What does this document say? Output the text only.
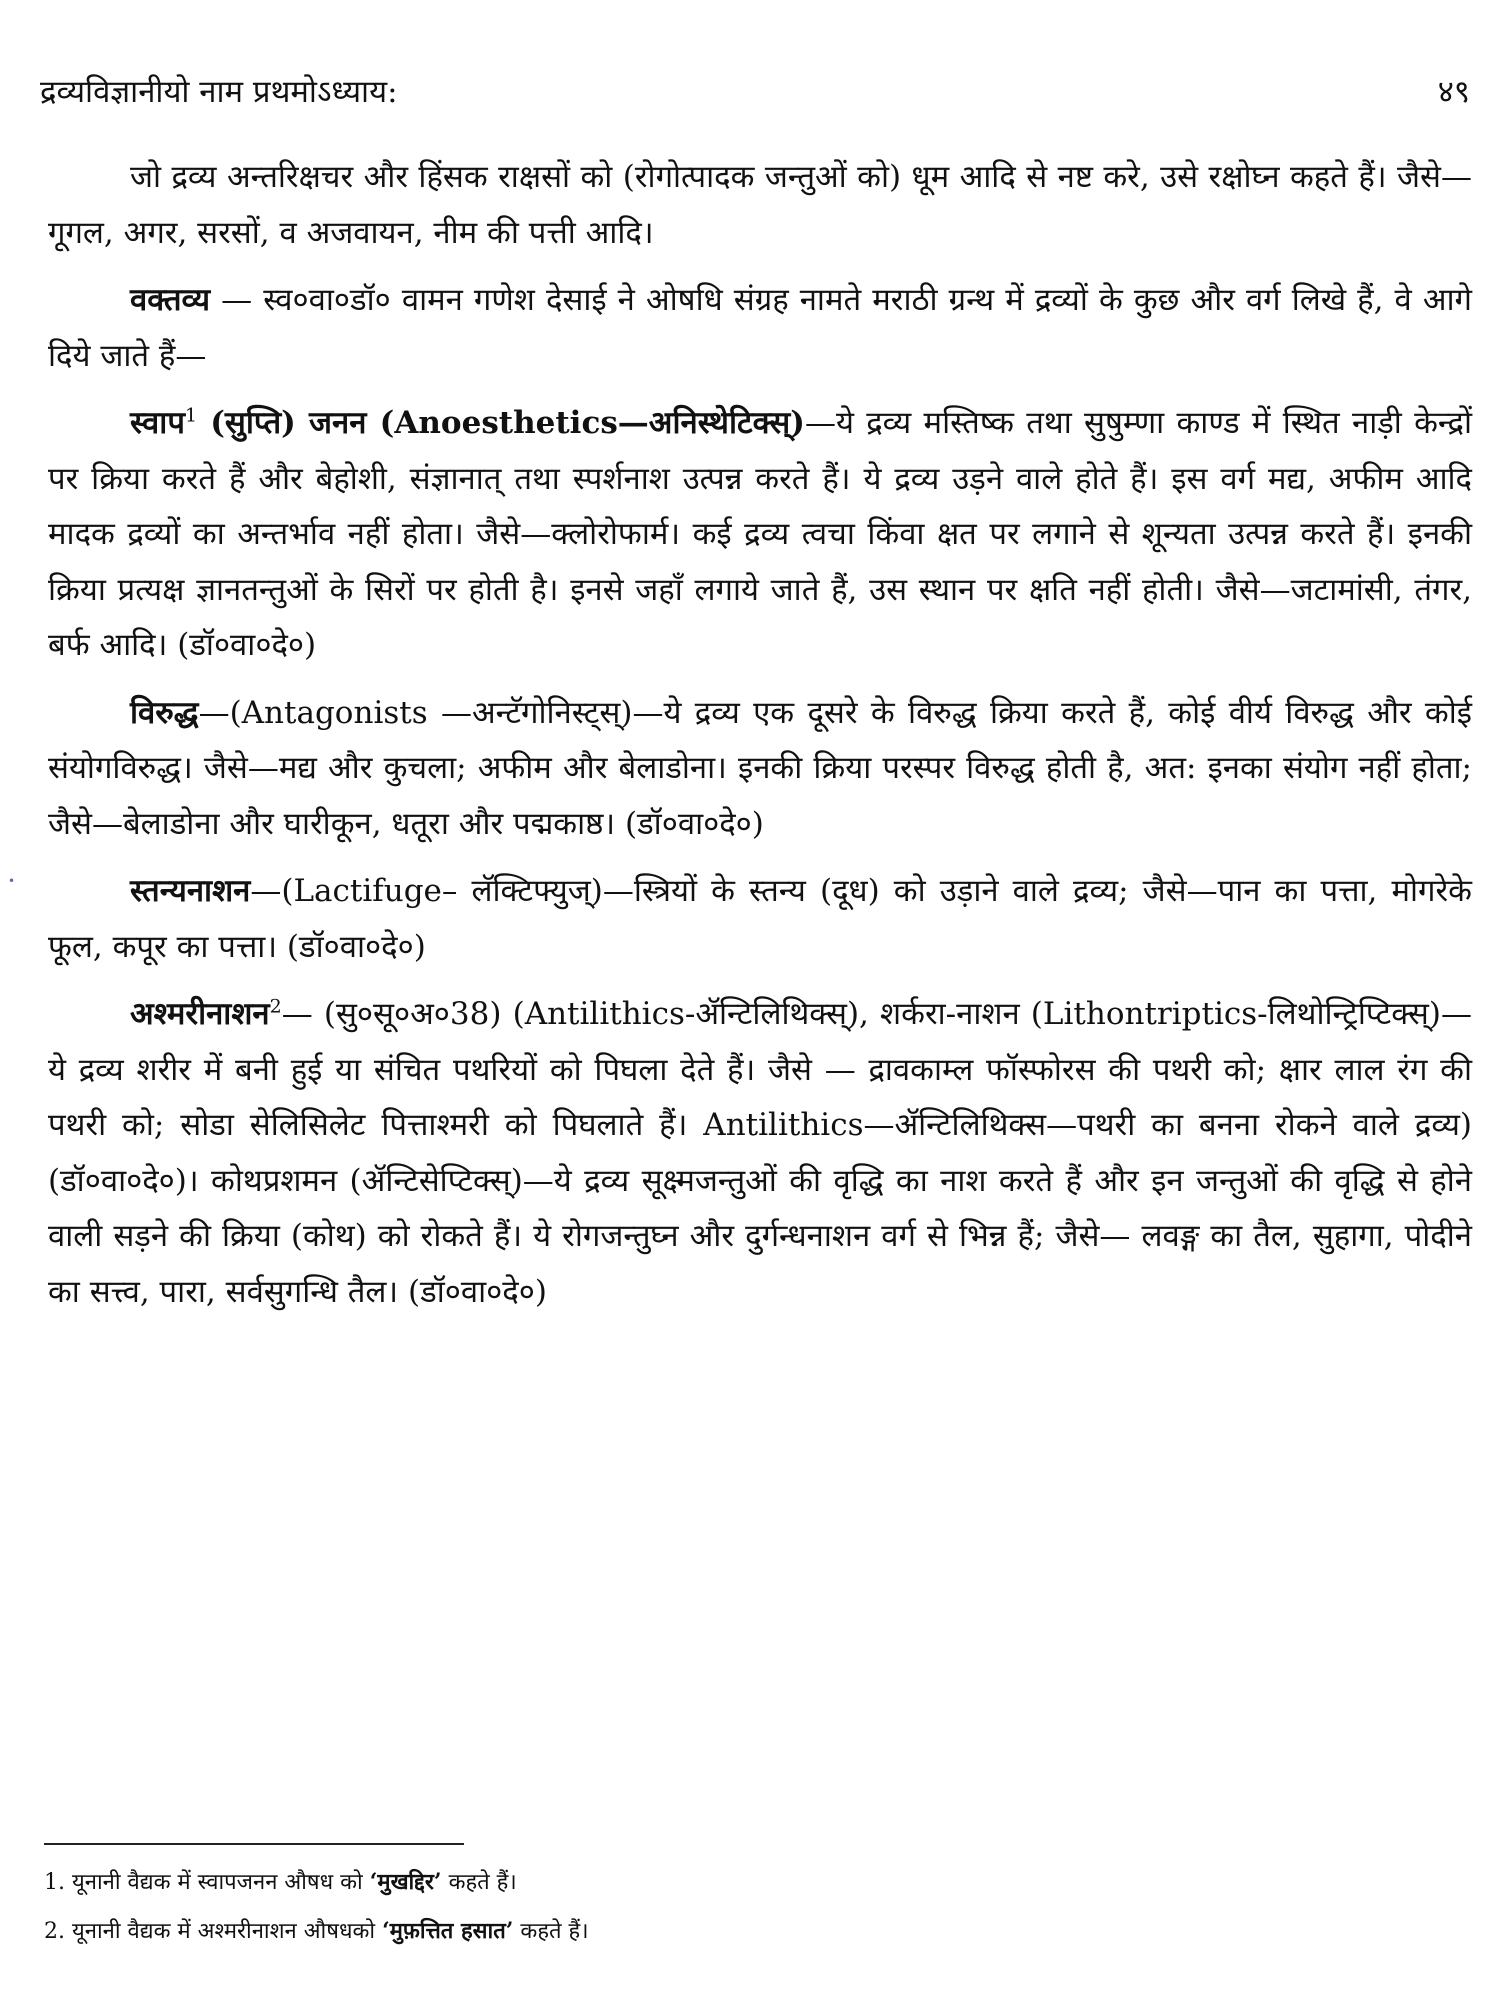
द्रव्यविज्ञानीयो नाम प्रथमोऽध्याय:	४९

जो द्रव्य अन्तरिक्षचर और हिंसक राक्षसों को (रोगोत्पादक जन्तुओं को) धूम आदि से नष्ट करे, उसे रक्षोघ्न कहते हैं। जैसे—गूगल, अगर, सरसों, व अजवायन, नीम की पत्ती आदि।

वक्तव्य — स्व०वा०डॉ० वामन गणेश देसाई ने ओषधि संग्रह नामते मराठी ग्रन्थ में द्रव्यों के कुछ और वर्ग लिखे हैं, वे आगे दिये जाते हैं—

स्वाप$^1$ (सुप्ति) जनन (Anoesthetics—अनिस्थेटिक्स्)—ये द्रव्य मस्तिष्क तथा सुषुम्णा काण्ड में स्थित नाड़ी केन्द्रों पर क्रिया करते हैं और बेहोशी, संज्ञानात् तथा स्पर्शनाश उत्पन्न करते हैं। ये द्रव्य उड़ने वाले होते हैं। इस वर्ग मद्य, अफीम आदि मादक द्रव्यों का अन्तर्भाव नहीं होता। जैसे—क्लोरोफार्म। कई द्रव्य त्वचा किंवा क्षत पर लगाने से शून्यता उत्पन्न करते हैं। इनकी क्रिया प्रत्यक्ष ज्ञानतन्तुओं के सिरों पर होती है। इनसे जहाँ लगाये जाते हैं, उस स्थान पर क्षति नहीं होती। जैसे—जटामांसी, तंगर, बर्फ आदि। (डॉ०वा०दे०)

विरुद्ध—(Antagonists —अन्टॅगोनिस्ट्स्)—ये द्रव्य एक दूसरे के विरुद्ध क्रिया करते हैं, कोई वीर्य विरुद्ध और कोई संयोगविरुद्ध। जैसे—मद्य और कुचला; अफीम और बेलाडोना। इनकी क्रिया परस्पर विरुद्ध होती है, अत: इनका संयोग नहीं होता; जैसे—बेलाडोना और घारीकून, धतूरा और पद्मकाष्ठ। (डॉ०वा०दे०)

स्तन्यनाशन—(Lactifuge– लॅक्टिफ्युज्)—स्त्रियों के स्तन्य (दूध) को उड़ाने वाले द्रव्य; जैसे—पान का पत्ता, मोगरेके फूल, कपूर का पत्ता। (डॉ०वा०दे०)

अश्मरीनाशन$^2$— (सु०सू०अ०38) (Antilithics-ॲन्टिलिथिक्स्), शर्करा-नाशन (Lithontriptics-लिथोन्ट्रिप्टिक्स्)—ये द्रव्य शरीर में बनी हुई या संचित पथरियों को पिघला देते हैं। जैसे — द्रावकाम्ल फॉस्फोरस की पथरी को; क्षार लाल रंग की पथरी को; सोडा सेलिसिलेट पित्ताश्मरी को पिघलाते हैं। Antilithics—ॲन्टिलिथिक्स—पथरी का बनना रोकने वाले द्रव्य) (डॉ०वा०दे०)। कोथप्रशमन (ॲन्टिसेप्टिक्स्)—ये द्रव्य सूक्ष्मजन्तुओं की वृद्धि का नाश करते हैं और इन जन्तुओं की वृद्धि से होने वाली सड़ने की क्रिया (कोथ) को रोकते हैं। ये रोगजन्तुघ्न और दुर्गन्धनाशन वर्ग से भिन्न हैं; जैसे— लवङ्ग का तैल, सुहागा, पोदीने का सत्त्व, पारा, सर्वसुगन्धि तैल। (डॉ०वा०दे०)

1. यूनानी वैद्यक में स्वापजनन औषध को ‘मुखद्दिर’ कहते हैं।

2. यूनानी वैद्यक में अश्मरीनाशन औषधको ‘मुफ़त्तित हसात’ कहते हैं।

•
